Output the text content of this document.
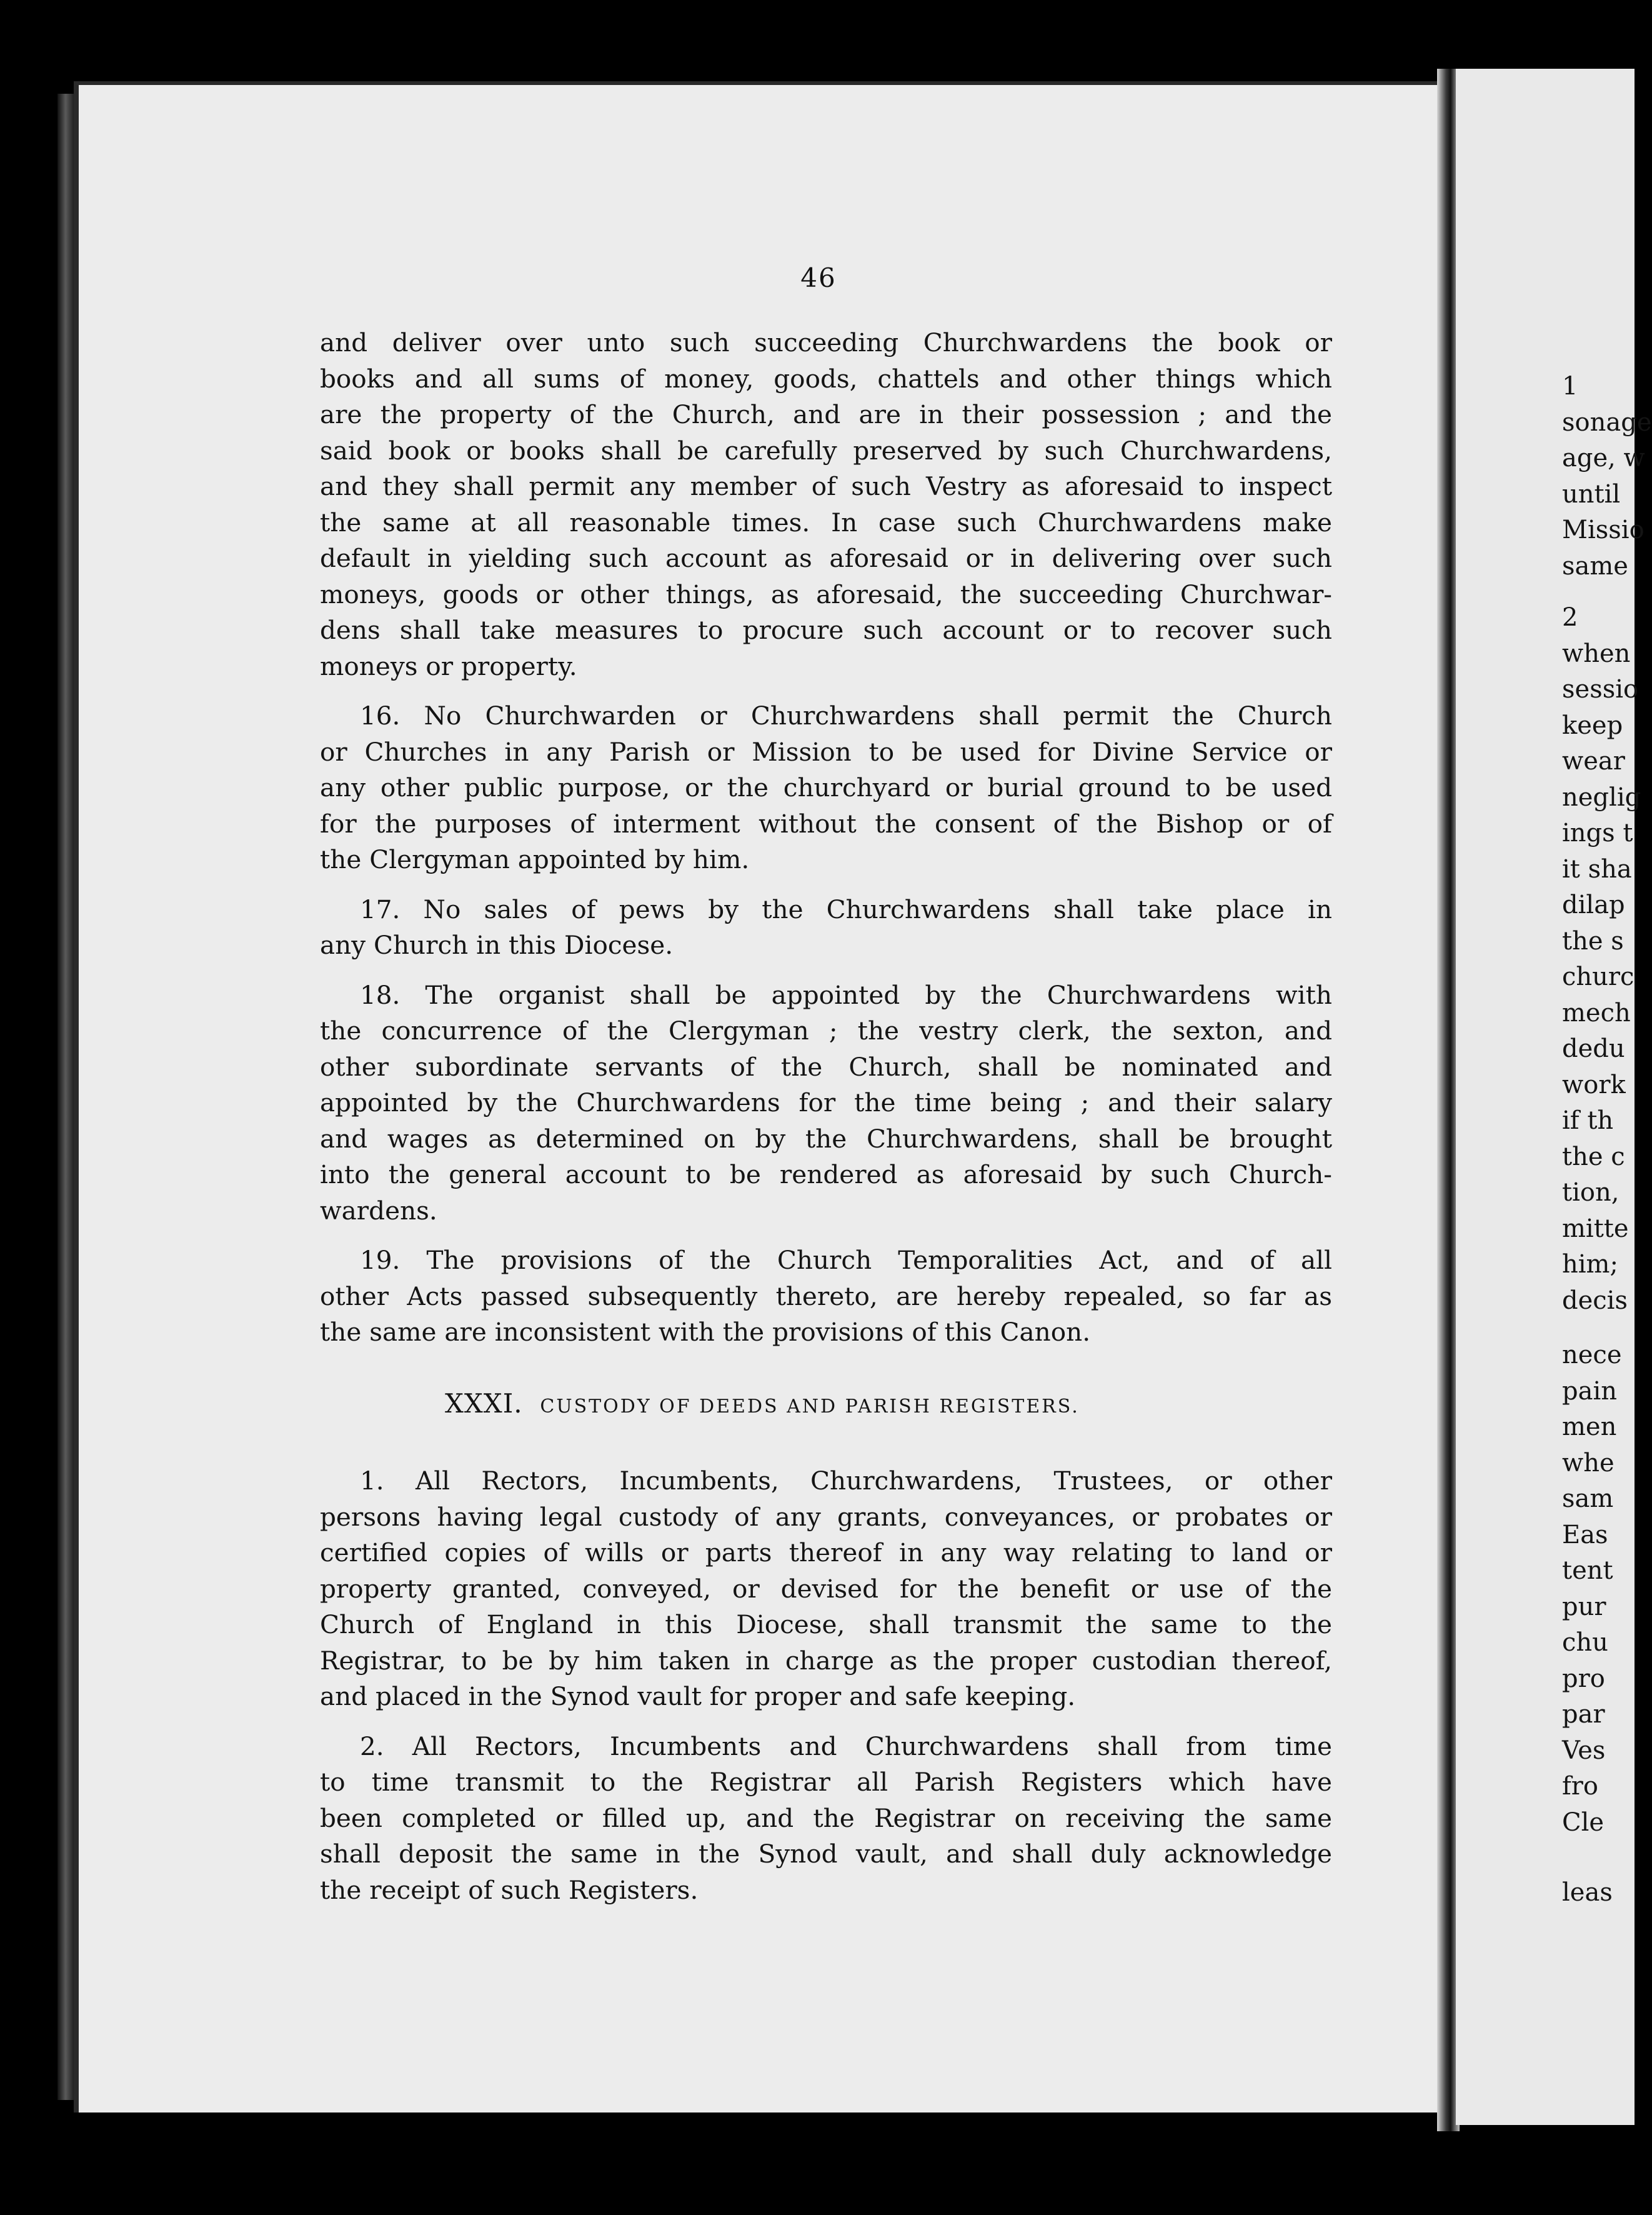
46
and deliver over unto such succeeding Churchwardens the book or
books and all sums of money, goods, chattels and other things which
are the property of the Church, and are in their possession ; and the
said book or books shall be carefully preserved by such Churchwardens,
and they shall permit any member of such Vestry as aforesaid to inspect
the same at all reasonable times. In case such Churchwardens make
default in yielding such account as aforesaid or in delivering over such
moneys, goods or other things, as aforesaid, the succeeding Churchwar-
dens shall take measures to procure such account or to recover such
moneys or property.
16. No Churchwarden or Churchwardens shall permit the Church
or Churches in any Parish or Mission to be used for Divine Service or
any other public purpose, or the churchyard or burial ground to be used
for the purposes of interment without the consent of the Bishop or of
the Clergyman appointed by him.
17. No sales of pews by the Churchwardens shall take place in
any Church in this Diocese.
18. The organist shall be appointed by the Churchwardens with
the concurrence of the Clergyman ; the vestry clerk, the sexton, and
other subordinate servants of the Church, shall be nominated and
appointed by the Churchwardens for the time being ; and their salary
and wages as determined on by the Churchwardens, shall be brought
into the general account to be rendered as aforesaid by such Church-
wardens.
19. The provisions of the Church Temporalities Act, and of all
other Acts passed subsequently thereto, are hereby repealed, so far as
the same are inconsistent with the provisions of this Canon.
XXXI. CUSTODY OF DEEDS AND PARISH REGISTERS.
1. All Rectors, Incumbents, Churchwardens, Trustees, or other
persons having legal custody of any grants, conveyances, or probates or
certified copies of wills or parts thereof in any way relating to land or
property granted, conveyed, or devised for the benefit or use of the
Church of England in this Diocese, shall transmit the same to the
Registrar, to be by him taken in charge as the proper custodian thereof,
and placed in the Synod vault for proper and safe keeping.
2. All Rectors, Incumbents and Churchwardens shall from time
to time transmit to the Registrar all Parish Registers which have
been completed or filled up, and the Registrar on receiving the same
shall deposit the same in the Synod vault, and shall duly acknowledge
the receipt of such Registers.
1
sonage
age, w
until
Missio
same
2
when
sessio
keep
wear
neglig
ings t
it sha
dilap
the s
churc
mech
dedu
work
if th
the c
tion,
mitte
him;
decis
nece
pain
men
whe
sam
Eas
tent
pur
chu
pro
par
Ves
fro
Cle
leas
